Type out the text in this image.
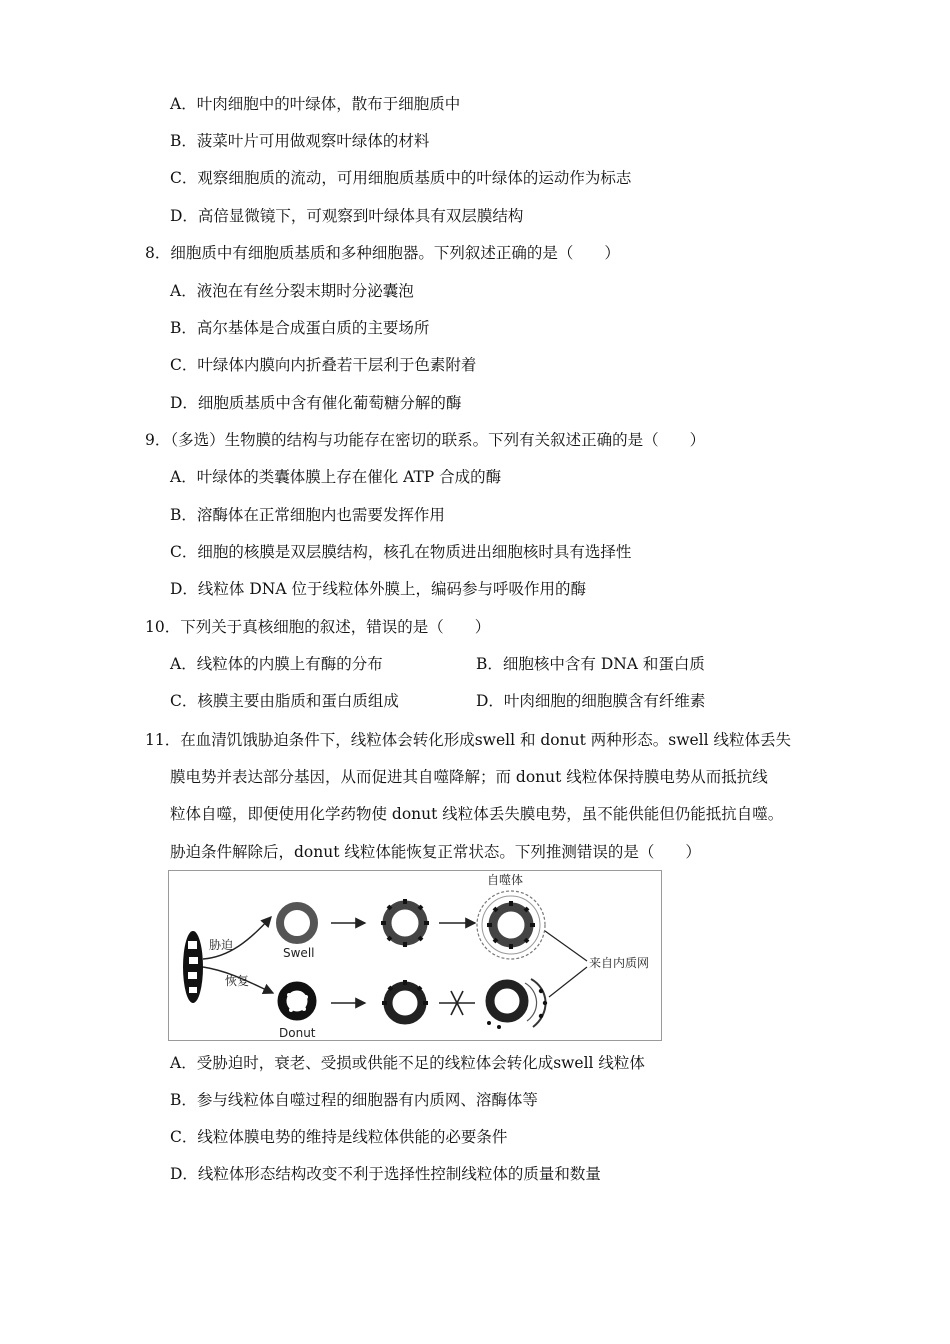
A．叶肉细胞中的叶绿体，散布于细胞质中
B．菠菜叶片可用做观察叶绿体的材料
C．观察细胞质的流动，可用细胞质基质中的叶绿体的运动作为标志
D．高倍显微镜下，可观察到叶绿体具有双层膜结构
8．细胞质中有细胞质基质和多种细胞器。下列叙述正确的是（　　）
A．液泡在有丝分裂末期时分泌囊泡
B．高尔基体是合成蛋白质的主要场所
C．叶绿体内膜向内折叠若干层利于色素附着
D．细胞质基质中含有催化葡萄糖分解的酶
9．（多选）生物膜的结构与功能存在密切的联系。下列有关叙述正确的是（　　）
A．叶绿体的类囊体膜上存在催化 ATP 合成的酶
B．溶酶体在正常细胞内也需要发挥作用
C．细胞的核膜是双层膜结构，核孔在物质进出细胞核时具有选择性
D．线粒体 DNA 位于线粒体外膜上，编码参与呼吸作用的酶
10．下列关于真核细胞的叙述，错误的是（　　）
A．线粒体的内膜上有酶的分布	B．细胞核中含有 DNA 和蛋白质
C．核膜主要由脂质和蛋白质组成	D．叶肉细胞的细胞膜含有纤维素
11．在血清饥饿胁迫条件下，线粒体会转化形成swell 和 donut 两种形态。swell 线粒体丢失
膜电势并表达部分基因，从而促进其自噬降解；而 donut 线粒体保持膜电势从而抵抗线
粒体自噬，即便使用化学药物使 donut 线粒体丢失膜电势，虽不能供能但仍能抵抗自噬。
胁迫条件解除后，donut 线粒体能恢复正常状态。下列推测错误的是（　　）
胁迫
恢复
Swell
Donut
自噬体
来自内质网
A．受胁迫时，衰老、受损或供能不足的线粒体会转化成swell 线粒体
B．参与线粒体自噬过程的细胞器有内质网、溶酶体等
C．线粒体膜电势的维持是线粒体供能的必要条件
D．线粒体形态结构改变不利于选择性控制线粒体的质量和数量
